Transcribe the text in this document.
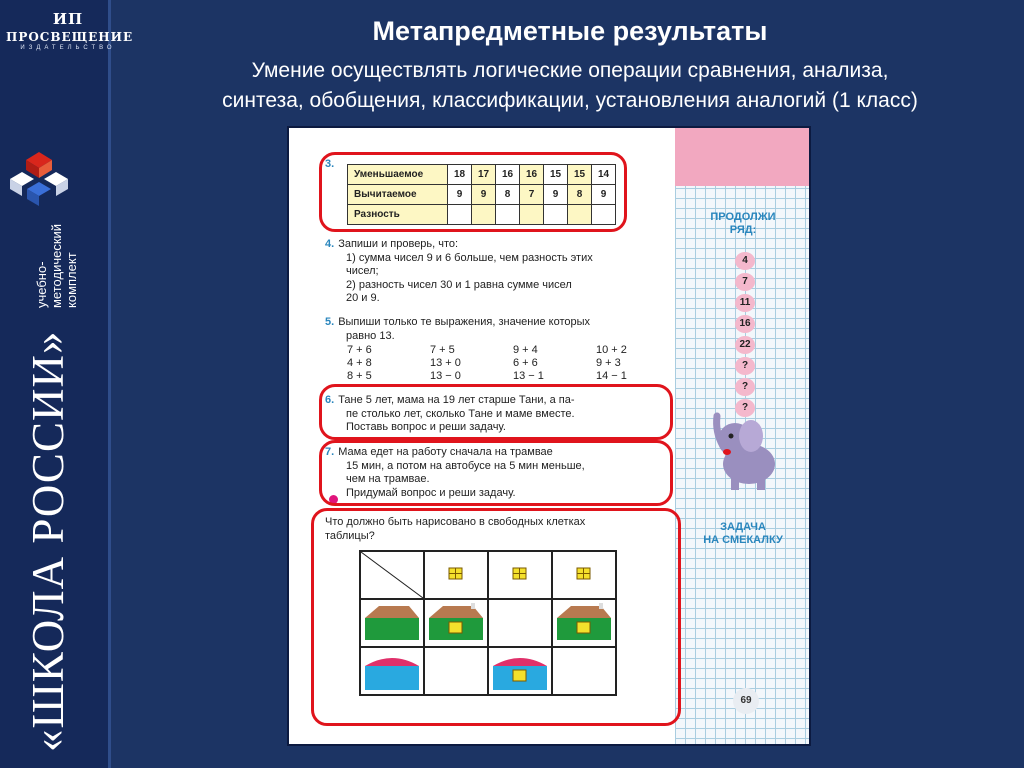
ИП
ПРОСВЕЩЕНИЕ
ИЗДАТЕЛЬСТВО
учебно- методический комплект
«ШКОЛА РОССИИ»
Метапредметные результаты
Умение осуществлять логические операции сравнения, анализа,
синтеза, обобщения, классификации, установления аналогий (1 класс)
ПРОДОЛЖИ
РЯД:
4
7
11
16
22
?
?
?
ЗАДАЧА
НА СМЕКАЛКУ
69
3.
Уменьшаемое	18	17	16	16	15	15	14
Вычитаемое	9	9	8	7	9	8	9
Разность							
4. Запиши и проверь, что:
1) сумма чисел 9 и 6 больше, чем разность этих
чисел;
2) разность чисел 30 и 1 равна сумме чисел
20 и 9.
5. Выпиши только те выражения, значение которых
равно 13.
7 + 6	7 + 5	9 + 4	10 + 2
4 + 8	13 + 0	6 + 6	9 + 3
8 + 5	13 − 0	13 − 1	14 − 1
6. Тане 5 лет, мама на 19 лет старше Тани, а па-
пе столько лет, сколько Тане и маме вместе.
Поставь вопрос и реши задачу.
7. Мама едет на работу сначала на трамвае
15 мин, а потом на автобусе на 5 мин меньше,
чем на трамвае.
Придумай вопрос и реши задачу.
Что должно быть нарисовано в свободных клетках
таблицы?
